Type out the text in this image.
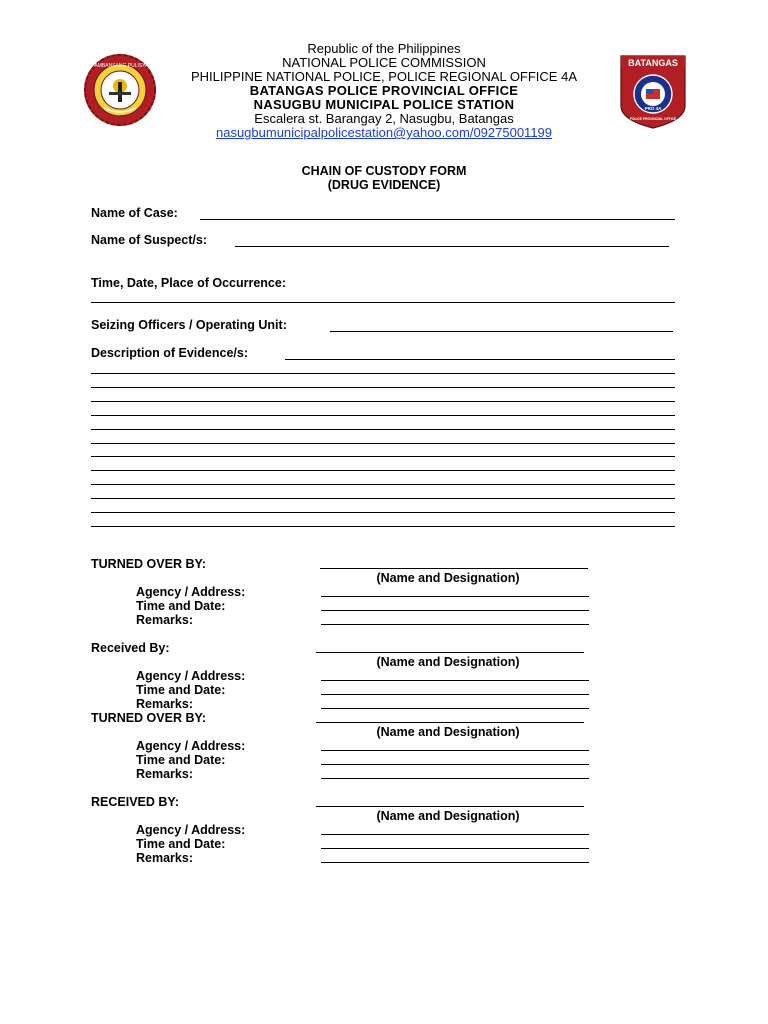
PAMBANSANG PULISYA	BATANGAS
PRO 4A
POLICE PROVINCIAL OFFICE
Republic of the Philippines
NATIONAL POLICE COMMISSION
PHILIPPINE NATIONAL POLICE, POLICE REGIONAL OFFICE 4A
BATANGAS POLICE PROVINCIAL OFFICE
NASUGBU MUNICIPAL POLICE STATION
Escalera st. Barangay 2, Nasugbu, Batangas
nasugbumunicipalpolicestation@yahoo.com/09275001199
CHAIN OF CUSTODY FORM
(DRUG EVIDENCE)
Name of Case:
Name of Suspect/s:
Time, Date, Place of Occurrence:
Seizing Officers / Operating Unit:
Description of Evidence/s:
TURNED OVER BY:
(Name and Designation)
Agency / Address:
Time and Date:
Remarks:
Received By:
(Name and Designation)
Agency / Address:
Time and Date:
Remarks:
TURNED OVER BY:
(Name and Designation)
Agency / Address:
Time and Date:
Remarks:
RECEIVED BY:
(Name and Designation)
Agency / Address:
Time and Date:
Remarks:
